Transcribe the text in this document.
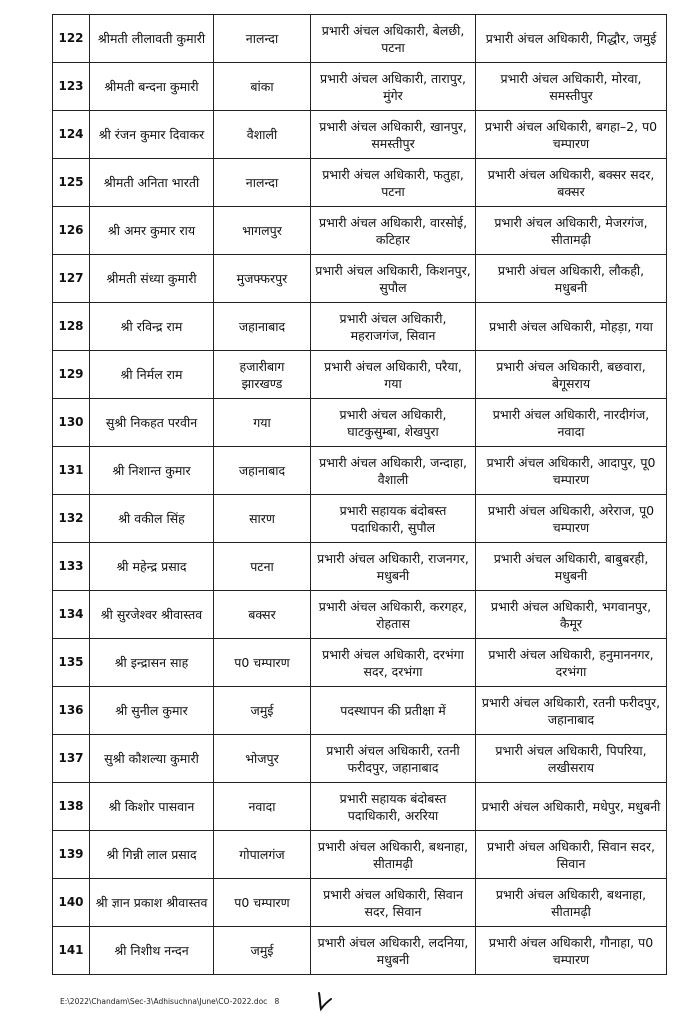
122	श्रीमती लीलावती कुमारी	नालन्दा	प्रभारी अंचल अधिकारी, बेलछी, पटना	प्रभारी अंचल अधिकारी, गिद्धौर, जमुई
123	श्रीमती बन्दना कुमारी	बांका	प्रभारी अंचल अधिकारी, तारापुर, मुंगेर	प्रभारी अंचल अधिकारी, मोरवा, समस्तीपुर
124	श्री रंजन कुमार दिवाकर	वैशाली	प्रभारी अंचल अधिकारी, खानपुर, समस्तीपुर	प्रभारी अंचल अधिकारी, बगहा–2, प0 चम्पारण
125	श्रीमती अनिता भारती	नालन्दा	प्रभारी अंचल अधिकारी, फतुहा, पटना	प्रभारी अंचल अधिकारी, बक्सर सदर, बक्सर
126	श्री अमर कुमार राय	भागलपुर	प्रभारी अंचल अधिकारी, वारसोई, कटिहार	प्रभारी अंचल अधिकारी, मेजरगंज, सीतामढ़ी
127	श्रीमती संध्या कुमारी	मुजफ्फरपुर	प्रभारी अंचल अधिकारी, किशनपुर, सुपौल	प्रभारी अंचल अधिकारी, लौकही, मधुबनी
128	श्री रविन्द्र राम	जहानाबाद	प्रभारी अंचल अधिकारी, महराजगंज, सिवान	प्रभारी अंचल अधिकारी, मोहड़ा, गया
129	श्री निर्मल राम	हजारीबाग झारखण्ड	प्रभारी अंचल अधिकारी, परैया, गया	प्रभारी अंचल अधिकारी, बछवारा, बेगूसराय
130	सुश्री निकहत परवीन	गया	प्रभारी अंचल अधिकारी, घाटकुसुम्बा, शेखपुरा	प्रभारी अंचल अधिकारी, नारदीगंज, नवादा
131	श्री निशान्त कुमार	जहानाबाद	प्रभारी अंचल अधिकारी, जन्दाहा, वैशाली	प्रभारी अंचल अधिकारी, आदापुर, पू0 चम्पारण
132	श्री वकील सिंह	सारण	प्रभारी सहायक बंदोबस्त पदाधिकारी, सुपौल	प्रभारी अंचल अधिकारी, अरेराज, पू0 चम्पारण
133	श्री महेन्द्र प्रसाद	पटना	प्रभारी अंचल अधिकारी, राजनगर, मधुबनी	प्रभारी अंचल अधिकारी, बाबुबरही, मधुबनी
134	श्री सुरजेश्वर श्रीवास्तव	बक्सर	प्रभारी अंचल अधिकारी, करगहर, रोहतास	प्रभारी अंचल अधिकारी, भगवानपुर, कैमूर
135	श्री इन्द्रासन साह	प0 चम्पारण	प्रभारी अंचल अधिकारी, दरभंगा सदर, दरभंगा	प्रभारी अंचल अधिकारी, हनुमाननगर, दरभंगा
136	श्री सुनील कुमार	जमुई	पदस्थापन की प्रतीक्षा में	प्रभारी अंचल अधिकारी, रतनी फरीदपुर, जहानाबाद
137	सुश्री कौशल्या कुमारी	भोजपुर	प्रभारी अंचल अधिकारी, रतनी फरीदपुर, जहानाबाद	प्रभारी अंचल अधिकारी, पिपरिया, लखीसराय
138	श्री किशोर पासवान	नवादा	प्रभारी सहायक बंदोबस्त पदाधिकारी, अररिया	प्रभारी अंचल अधिकारी, मधेपुर, मधुबनी
139	श्री गिन्नी लाल प्रसाद	गोपालगंज	प्रभारी अंचल अधिकारी, बथनाहा, सीतामढ़ी	प्रभारी अंचल अधिकारी, सिवान सदर, सिवान
140	श्री ज्ञान प्रकाश श्रीवास्तव	प0 चम्पारण	प्रभारी अंचल अधिकारी, सिवान सदर, सिवान	प्रभारी अंचल अधिकारी, बथनाहा, सीतामढ़ी
141	श्री निशीथ नन्दन	जमुई	प्रभारी अंचल अधिकारी, लदनिया, मधुबनी	प्रभारी अंचल अधिकारी, गौनाहा, प0 चम्पारण
E:\2022\Chandam\Sec-3\Adhisuchna\June\CO-2022.doc 8
